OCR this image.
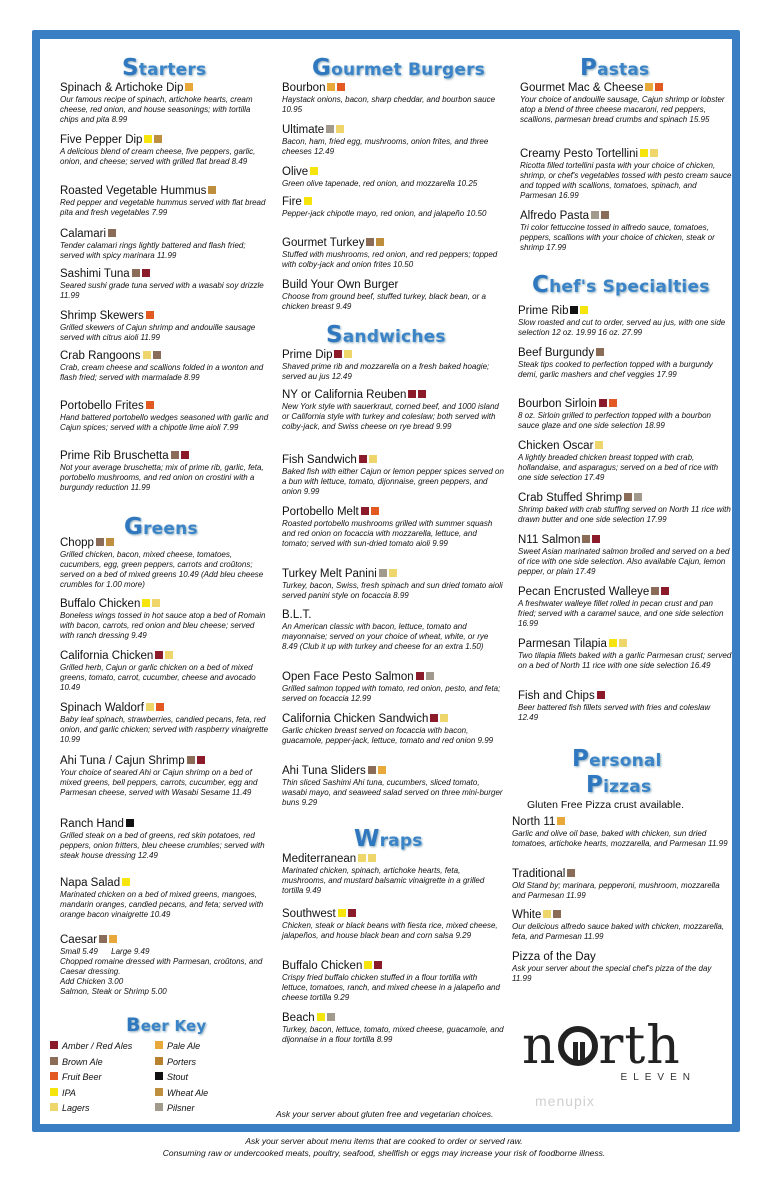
Starters
Greens
Beer Key
Gourmet Burgers
Sandwiches
Wraps
Pastas
Chef's Specialties
Personal
Pizzas
Gluten Free Pizza crust available.
Spinach & Artichoke Dip
Our famous recipe of spinach, artichoke hearts, cream cheese, red onion, and house seasonings; with tortilla chips and pita 8.99
Five Pepper Dip
A delicious blend of cream cheese, five peppers, garlic, onion, and cheese; served with grilled flat bread 8.49
Roasted Vegetable Hummus
Red pepper and vegetable hummus served with flat bread pita and fresh vegetables 7.99
Calamari
Tender calamari rings lightly battered and flash fried; served with spicy marinara 11.99
Sashimi Tuna
Seared sushi grade tuna served with a wasabi soy drizzle 11.99
Shrimp Skewers
Grilled skewers of Cajun shrimp and andouille sausage served with citrus aioli 11.99
Crab Rangoons
Crab, cream cheese and scallions folded in a wonton and flash fried; served with marmalade 8.99
Portobello Frites
Hand battered portobello wedges seasoned with garlic and Cajun spices; served with a chipotle lime aioli 7.99
Prime Rib Bruschetta
Not your average bruschetta; mix of prime rib, garlic, feta, portobello mushrooms, and red onion on crostini with a burgundy reduction 11.99
Chopp
Grilled chicken, bacon, mixed cheese, tomatoes, cucumbers, egg, green peppers, carrots and croûtons; served on a bed of mixed greens 10.49 (Add bleu cheese crumbles for 1.00 more)
Buffalo Chicken
Boneless wings tossed in hot sauce atop a bed of Romain with bacon, carrots, red onion and bleu cheese; served with ranch dressing 9.49
California Chicken
Grilled herb, Cajun or garlic chicken on a bed of mixed greens, tomato, carrot, cucumber, cheese and avocado 10.49
Spinach Waldorf
Baby leaf spinach, strawberries, candied pecans, feta, red onion, and garlic chicken; served with raspberry vinaigrette 10.99
Ahi Tuna / Cajun Shrimp
Your choice of seared Ahi or Cajun shrimp on a bed of mixed greens, bell peppers, carrots, cucumber, egg and Parmesan cheese, served with Wasabi Sesame 11.49
Ranch Hand
Grilled steak on a bed of greens, red skin potatoes, red peppers, onion fritters, bleu cheese crumbles; served with steak house dressing 12.49
Napa Salad
Marinated chicken on a bed of mixed greens, mangoes, mandarin oranges, candied pecans, and feta; served with orange bacon vinaigrette 10.49
Bourbon
Haystack onions, bacon, sharp cheddar, and bourbon sauce 10.95
Ultimate
Bacon, ham, fried egg, mushrooms, onion frites, and three cheeses 12.49
Olive
Green olive tapenade, red onion, and mozzarella 10.25
Fire
Pepper-jack chipotle mayo, red onion, and jalapeño 10.50
Gourmet Turkey
Stuffed with mushrooms, red onion, and red peppers; topped with colby-jack and onion frites 10.50
Build Your Own Burger
Choose from ground beef, stuffed turkey, black bean, or a chicken breast 9.49
Prime Dip
Shaved prime rib and mozzarella on a fresh baked hoagie; served au jus 12.49
NY or California Reuben
New York style with sauerkraut, corned beef, and 1000 island or California style with turkey and coleslaw; both served with colby-jack, and Swiss cheese on rye bread 9.99
Fish Sandwich
Baked fish with either Cajun or lemon pepper spices served on a bun with lettuce, tomato, dijonnaise, green peppers, and onion 9.99
Portobello Melt
Roasted portobello mushrooms grilled with summer squash and red onion on focaccia with mozzarella, lettuce, and tomato; served with sun-dried tomato aioli 9.99
Turkey Melt Panini
Turkey, bacon, Swiss, fresh spinach and sun dried tomato aioli served panini style on focaccia 8.99
B.L.T.
An American classic with bacon, lettuce, tomato and mayonnaise; served on your choice of wheat, white, or rye 8.49 (Club it up with turkey and cheese for an extra 1.50)
Open Face Pesto Salmon
Grilled salmon topped with tomato, red onion, pesto, and feta; served on focaccia 12.99
California Chicken Sandwich
Garlic chicken breast served on focaccia with bacon, guacamole, pepper-jack, lettuce, tomato and red onion 9.99
Ahi Tuna Sliders
Thin sliced Sashimi Ahi tuna, cucumbers, sliced tomato, wasabi mayo, and seaweed salad served on three mini-burger buns 9.29
Mediterranean
Marinated chicken, spinach, artichoke hearts, feta, mushrooms, and mustard balsamic vinaigrette in a grilled tortilla 9.49
Southwest
Chicken, steak or black beans with fiesta rice, mixed cheese, jalapeños, and house black bean and corn salsa 9.29
Buffalo Chicken
Crispy fried buffalo chicken stuffed in a flour tortilla with lettuce, tomatoes, ranch, and mixed cheese in a jalapeño and cheese tortilla 9.29
Beach
Turkey, bacon, lettuce, tomato, mixed cheese, guacamole, and dijonnaise in a flour tortilla 8.99
Gourmet Mac & Cheese
Your choice of andouille sausage, Cajun shrimp or lobster atop a blend of three cheese macaroni, red peppers, scallions, parmesan bread crumbs and spinach 15.95
Creamy Pesto Tortellini
Ricotta filled tortellini pasta with your choice of chicken, shrimp, or chef's vegetables tossed with pesto cream sauce and topped with scallions, tomatoes, spinach, and Parmesan 16.99
Alfredo Pasta
Tri color fettuccine tossed in alfredo sauce, tomatoes, peppers, scallions with your choice of chicken, steak or shrimp 17.99
Prime Rib
Slow roasted and cut to order, served au jus, with one side selection 12 oz. 19.99 16 oz. 27.99
Beef Burgundy
Steak tips cooked to perfection topped with a burgundy demi, garlic mashers and chef veggies 17.99
Bourbon Sirloin
8 oz. Sirloin grilled to perfection topped with a bourbon sauce glaze and one side selection 18.99
Chicken Oscar
A lightly breaded chicken breast topped with crab, hollandaise, and asparagus; served on a bed of rice with one side selection 17.49
Crab Stuffed Shrimp
Shrimp baked with crab stuffing served on North 11 rice with drawn butter and one side selection 17.99
N11 Salmon
Sweet Asian marinated salmon broiled and served on a bed of rice with one side selection. Also available Cajun, lemon pepper, or plain 17.49
Pecan Encrusted Walleye
A freshwater walleye fillet rolled in pecan crust and pan fried; served with a caramel sauce, and one side selection 16.99
Parmesan Tilapia
Two tilapia fillets baked with a garlic Parmesan crust; served on a bed of North 11 rice with one side selection 16.49
Fish and Chips
Beer battered fish fillets served with fries and coleslaw 12.49
North 11
Garlic and olive oil base, baked with chicken, sun dried tomatoes, artichoke hearts, mozzarella, and Parmesan 11.99
Traditional
Old Stand by; marinara, pepperoni, mushroom, mozzarella and Parmesan 11.99
White
Our delicious alfredo sauce baked with chicken, mozzarella, feta, and Parmesan 11.99
Pizza of the Day
Ask your server about the special chef's pizza of the day 11.99
Caesar
Small 5.49 Large 9.49
Chopped romaine dressed with Parmesan, croûtons, and Caesar dressing.
Add Chicken 3.00
Salmon, Steak or Shrimp 5.00
Amber / Red Ales
Brown Ale
Fruit Beer
IPA
Lagers
Pale Ale
Porters
Stout
Wheat Ale
Pilsner
Ask your server about gluten free and vegetarian choices.
n rth
ELEVEN
menupix
Ask your server about menu items that are cooked to order or served raw.
Consuming raw or undercooked meats, poultry, seafood, shellfish or eggs may increase your risk of foodborne illness.
